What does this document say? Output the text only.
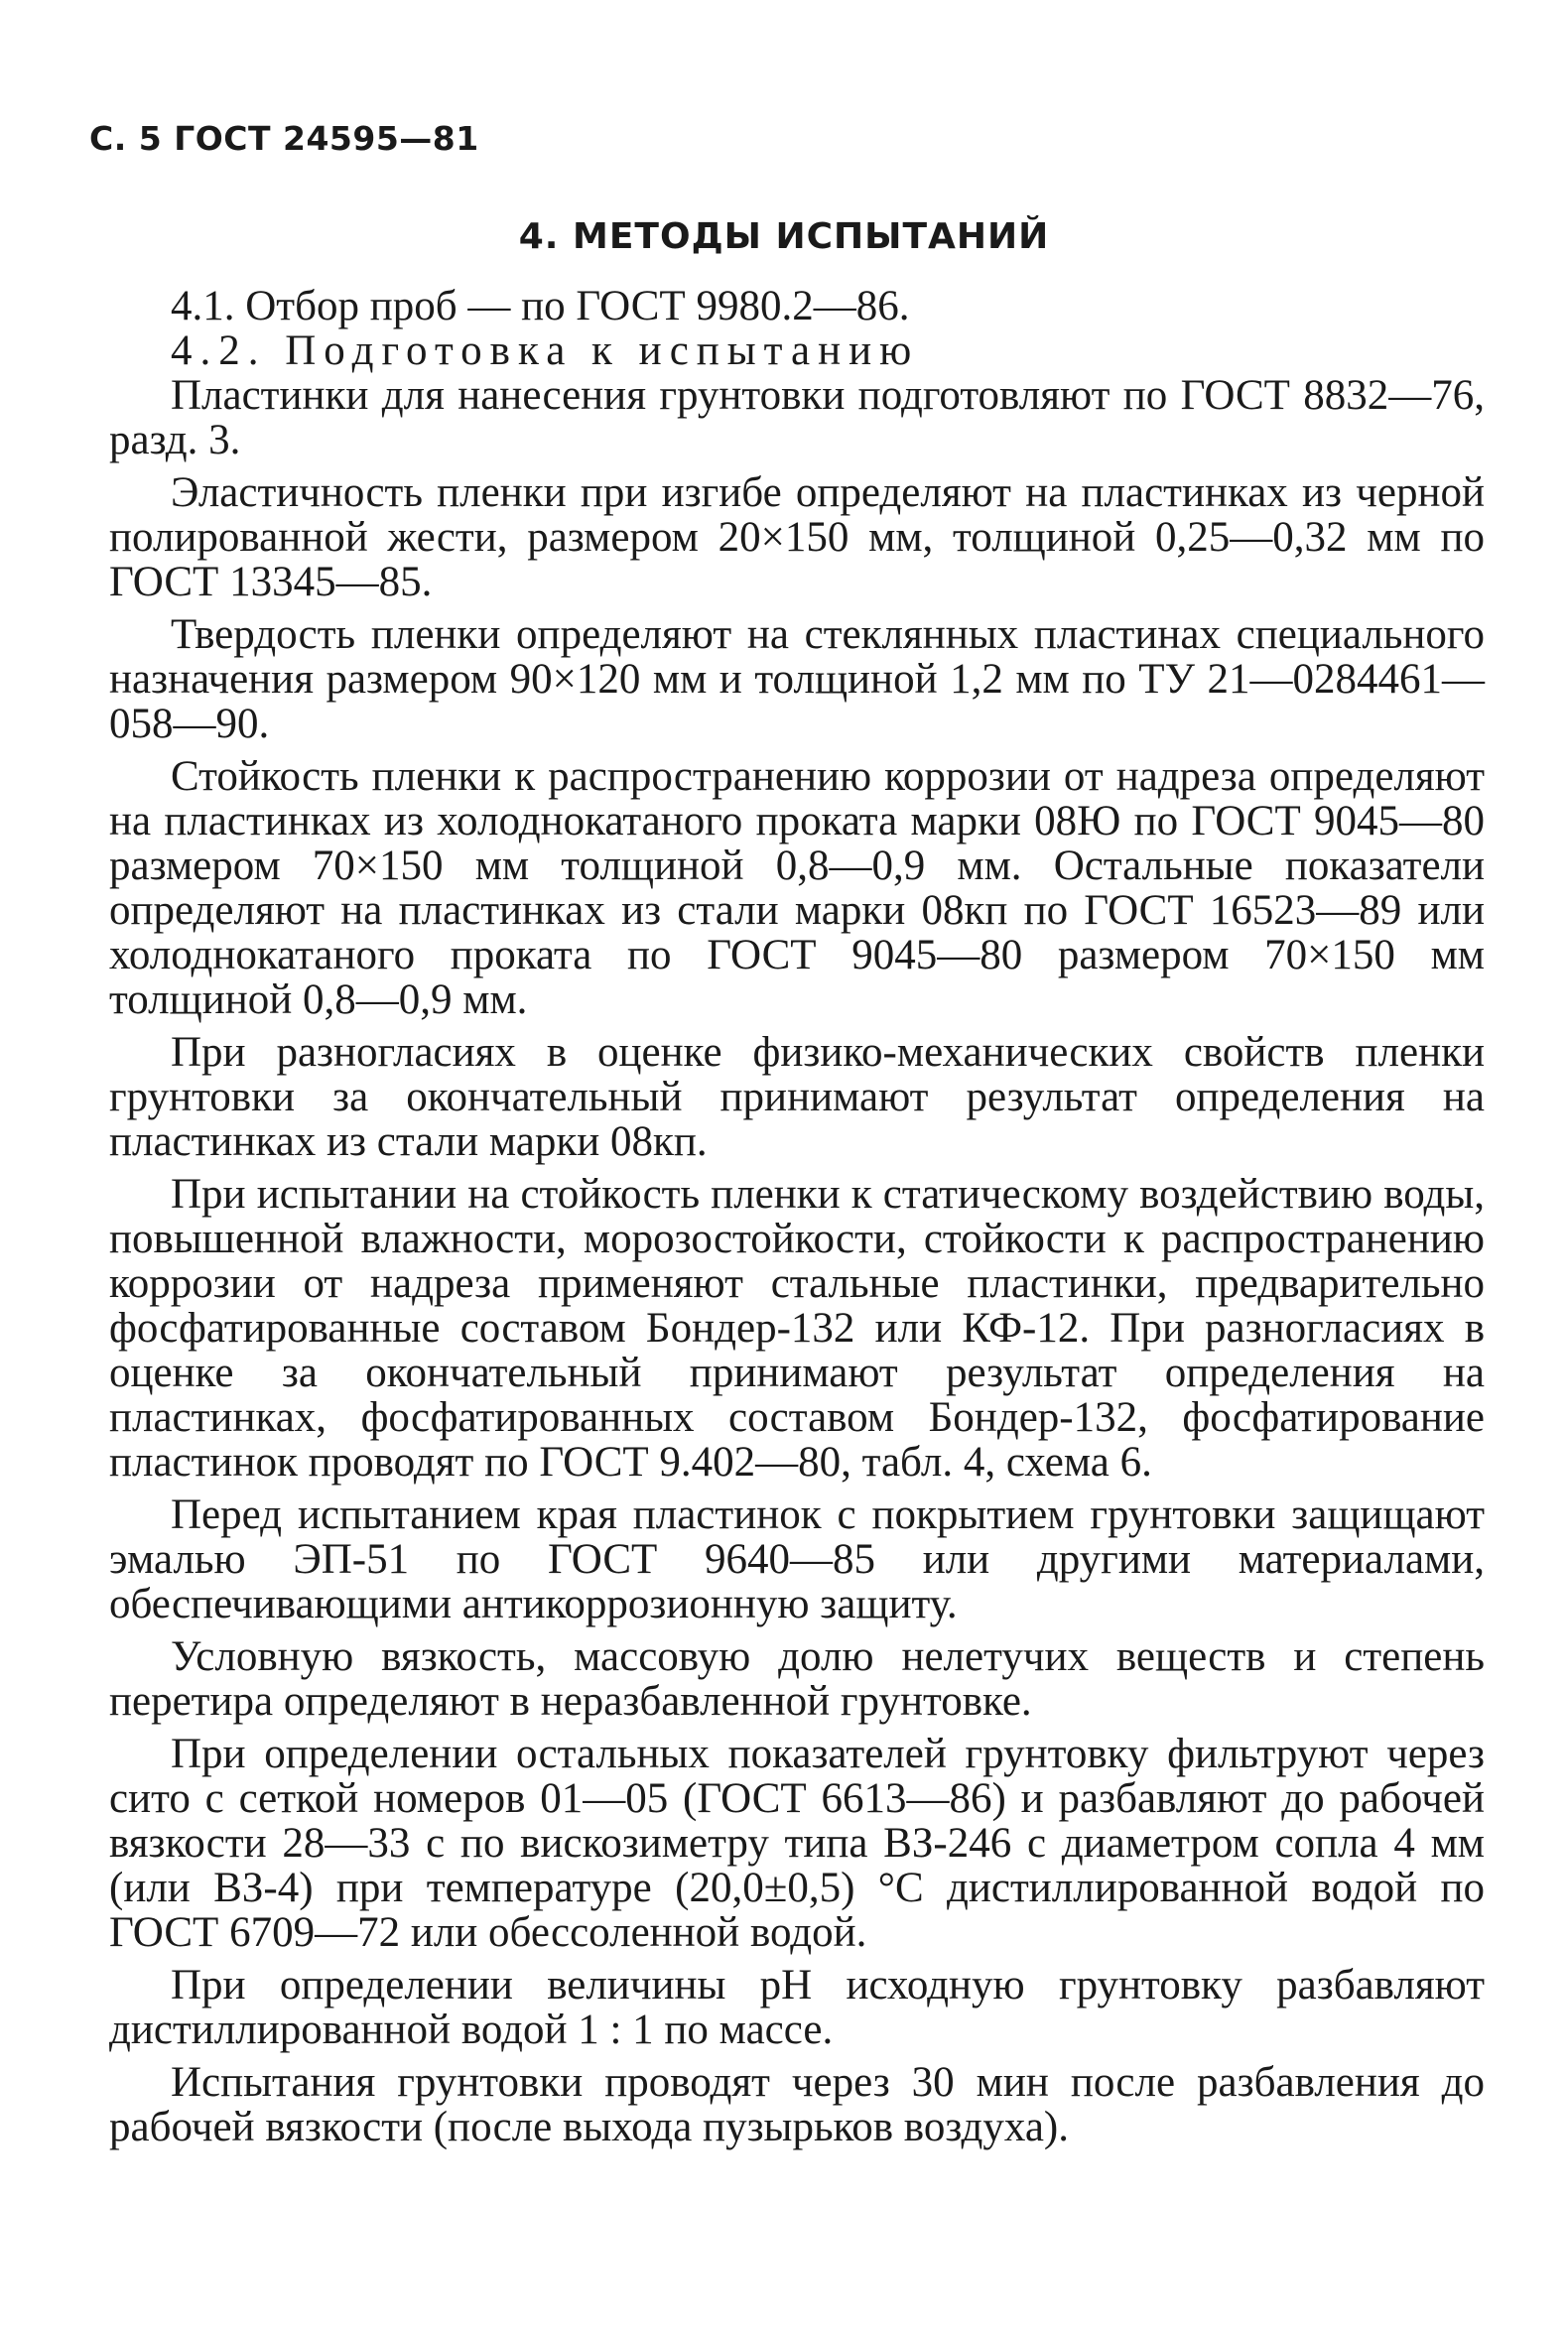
С. 5 ГОСТ 24595—81
4. МЕТОДЫ ИСПЫТАНИЙ

4.1. Отбор проб — по ГОСТ 9980.2—86.

4.2. Подготовка к испытанию

Пластинки для нанесения грунтовки подготовляют по ГОСТ 8832—76, разд. 3.

Эластичность пленки при изгибе определяют на пластинках из черной полированной жести, размером 20×150 мм, толщиной 0,25—0,32 мм по ГОСТ 13345—85.

Твердость пленки определяют на стеклянных пластинах специального назначения размером 90×120 мм и толщиной 1,2 мм по ТУ 21—0284461—058—90.

Стойкость пленки к распространению коррозии от надреза определяют на пластинках из холоднокатаного проката марки 08Ю по ГОСТ 9045—80 размером 70×150 мм толщиной 0,8—0,9 мм. Остальные показатели определяют на пластинках из стали марки 08кп по ГОСТ 16523—89 или холоднокатаного проката по ГОСТ 9045—80 размером 70×150 мм толщиной 0,8—0,9 мм.

При разногласиях в оценке физико-механических свойств пленки грунтовки за окончательный принимают результат определения на пластинках из стали марки 08кп.

При испытании на стойкость пленки к статическому воздействию воды, повышенной влажности, морозостойкости, стойкости к распространению коррозии от надреза применяют стальные пластинки, предварительно фосфатированные составом Бондер-132 или КФ-12. При разногласиях в оценке за окончательный принимают результат определения на пластинках, фосфатированных составом Бондер-132, фосфатирование пластинок проводят по ГОСТ 9.402—80, табл. 4, схема 6.

Перед испытанием края пластинок с покрытием грунтовки защищают эмалью ЭП-51 по ГОСТ 9640—85 или другими материалами, обеспечивающими антикоррозионную защиту.

Условную вязкость, массовую долю нелетучих веществ и степень перетира определяют в неразбавленной грунтовке.

При определении остальных показателей грунтовку фильтруют через сито с сеткой номеров 01—05 (ГОСТ 6613—86) и разбавляют до рабочей вязкости 28—33 с по вискозиметру типа ВЗ-246 с диаметром сопла 4 мм (или ВЗ-4) при температуре (20,0±0,5) °С дистиллированной водой по ГОСТ 6709—72 или обессоленной водой.

При определении величины pH исходную грунтовку разбавляют дистиллированной водой 1 : 1 по массе.

Испытания грунтовки проводят через 30 мин после разбавления до рабочей вязкости (после выхода пузырьков воздуха).
